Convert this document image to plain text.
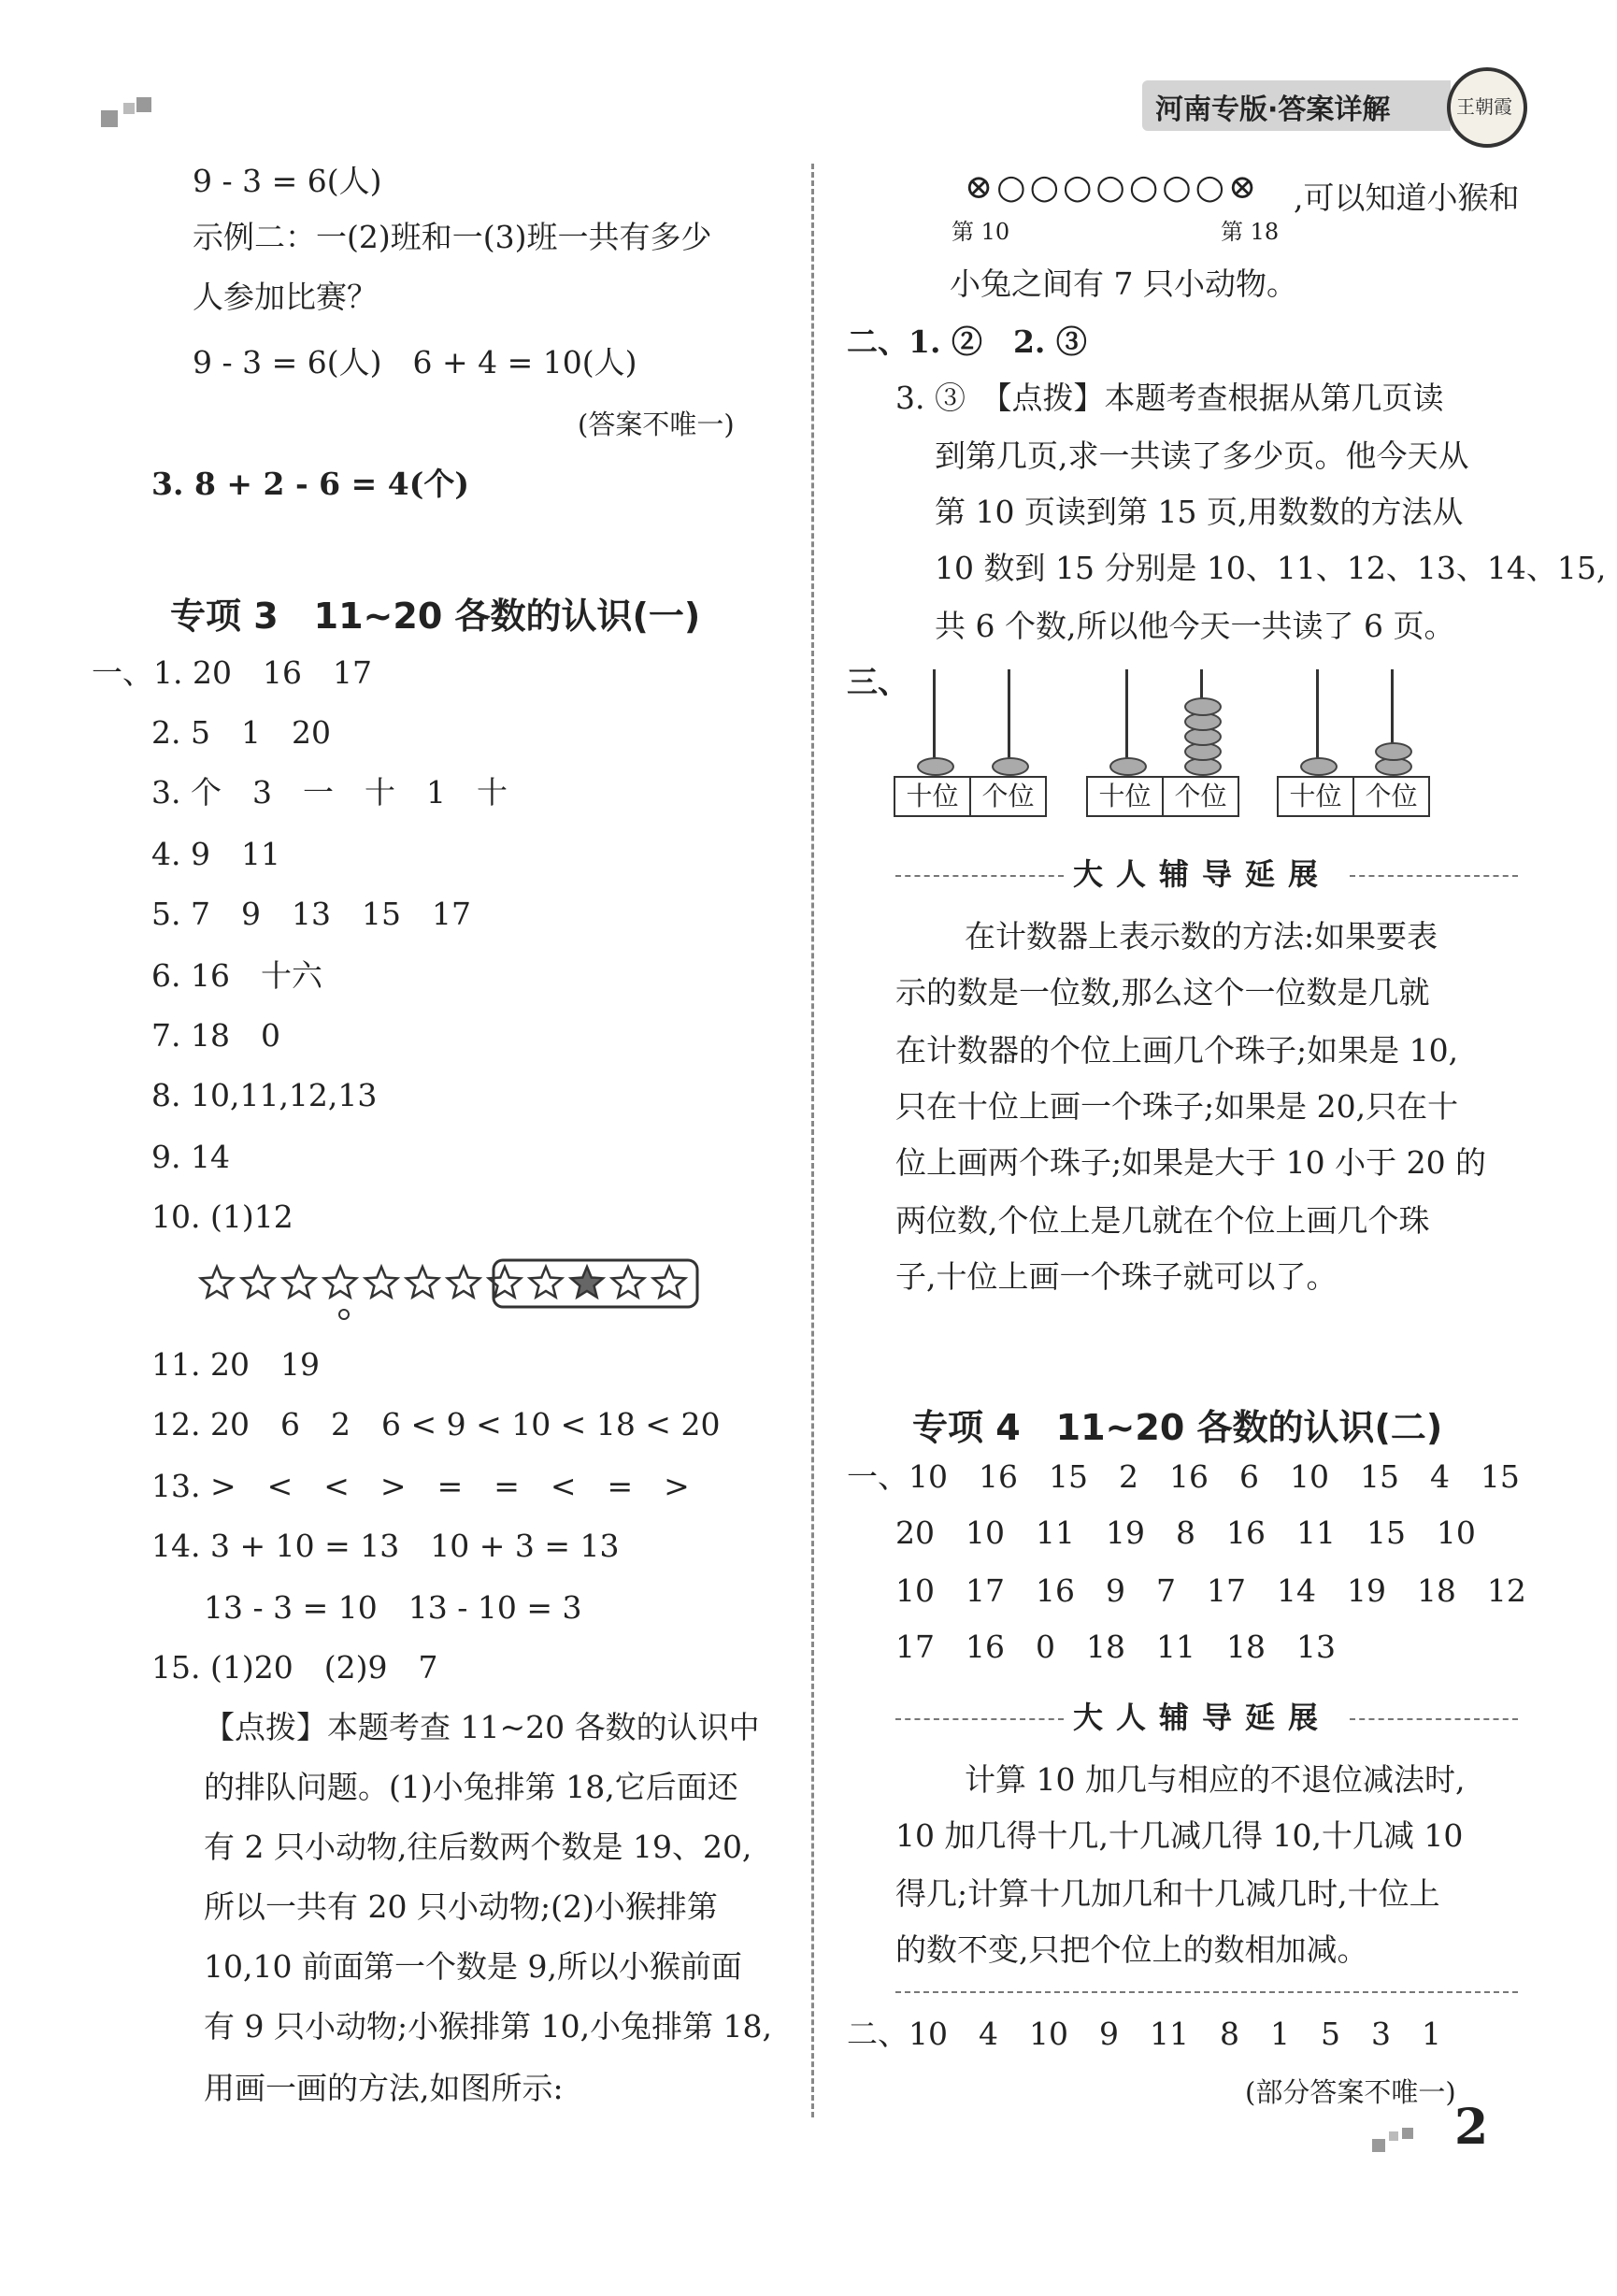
河南专版·答案详解	王朝霞
9 - 3 = 6(人)
示例二：一(2)班和一(3)班一共有多少
人参加比赛？
9 - 3 = 6(人)　6 + 4 = 10(人)
(答案不唯一)
3. 8 + 2 - 6 = 4(个)
专项 3　11~20 各数的认识(一)
一、1. 20　16　17
2. 5　1　20
3. 个　3　一　十　1　十
4. 9　11
5. 7　9　13　15　17
6. 16　十六
7. 18　0
8. 10,11,12,13
9. 14
10. (1)12
11. 20　19
12. 20　6　2　6 < 9 < 10 < 18 < 20
13. >　<　<　>　=　=　<　=　>
14. 3 + 10 = 13　10 + 3 = 13
13 - 3 = 10　13 - 10 = 3
15. (1)20　(2)9　7
【点拨】本题考查 11~20 各数的认识中
的排队问题。(1)小兔排第 18,它后面还
有 2 只小动物,往后数两个数是 19、20,
所以一共有 20 只小动物;(2)小猴排第
10,10 前面第一个数是 9,所以小猴前面
有 9 只小动物;小猴排第 10,小兔排第 18,
用画一画的方法,如图所示:
⊗○○○○○○○⊗ ,可以知道小猴和
第 10	第 18
小兔之间有 7 只小动物。
二、1. ②　2. ③
3. ③　【点拨】本题考查根据从第几页读
到第几页,求一共读了多少页。他今天从
第 10 页读到第 15 页,用数数的方法从
10 数到 15 分别是 10、11、12、13、14、15,
共 6 个数,所以他今天一共读了 6 页。
三、
十位 个位	十位 个位	十位 个位
大人辅导延展
在计数器上表示数的方法:如果要表
示的数是一位数,那么这个一位数是几就
在计数器的个位上画几个珠子;如果是 10,
只在十位上画一个珠子;如果是 20,只在十
位上画两个珠子;如果是大于 10 小于 20 的
两位数,个位上是几就在个位上画几个珠
子,十位上画一个珠子就可以了。
专项 4　11~20 各数的认识(二)
一、10　16　15　2　16　6　10　15　4　15
20　10　11　19　8　16　11　15　10
10　17　16　9　7　17　14　19　18　12
17　16　0　18　11　18　13
大人辅导延展
计算 10 加几与相应的不退位减法时,
10 加几得十几,十几减几得 10,十几减 10
得几;计算十几加几和十几减几时,十位上
的数不变,只把个位上的数相加减。
二、10　4　10　9　11　8　1　5　3　1
(部分答案不唯一)
2
